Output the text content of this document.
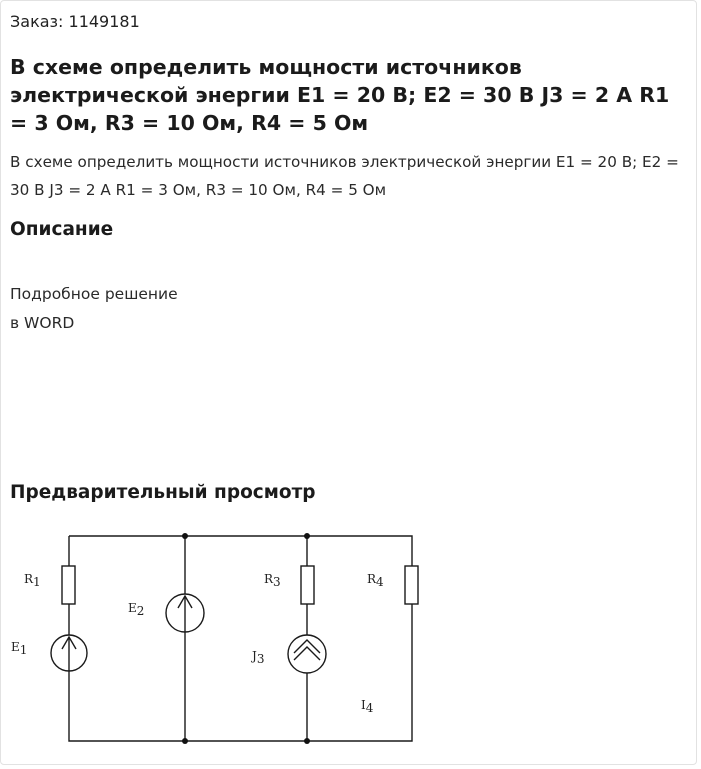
Заказ: 1149181
В схеме определить мощности источников электрической энергии E1 = 20 В; E2 = 30 В J3 = 2 А R1 = 3 Ом, R3 = 10 Ом, R4 = 5 Ом

В схеме определить мощности источников электрической энергии E1 = 20 В; E2 = 30 В J3 = 2 А R1 = 3 Ом, R3 = 10 Ом, R4 = 5 Ом

Описание
Подробное решение
в WORD
Предварительный просмотр
R1
E1
E2
R3
J3
R4
I4
